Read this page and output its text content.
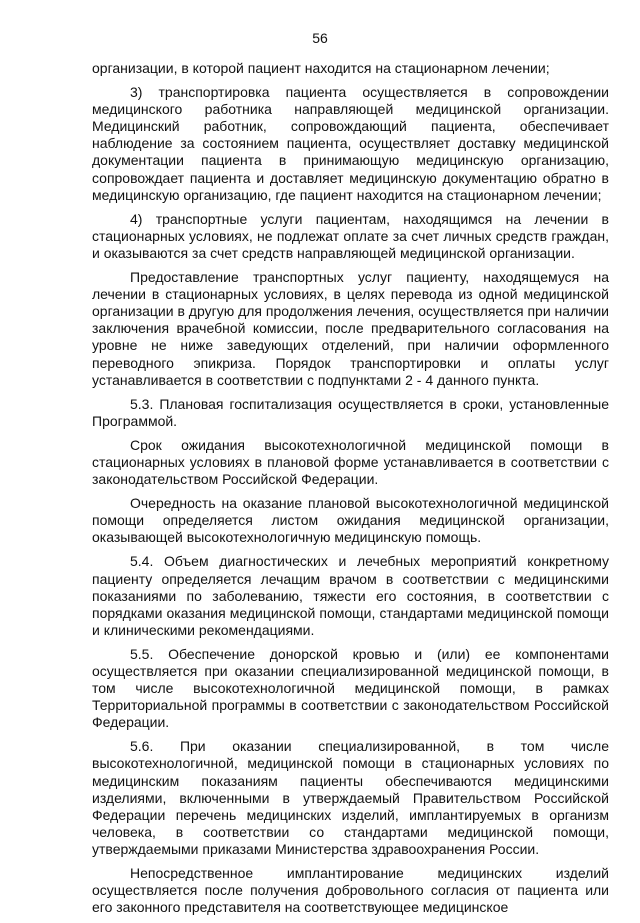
56

организации, в которой пациент находится на стационарном лечении;

3) транспортировка пациента осуществляется в сопровождении медицинского работника направляющей медицинской организации. Медицинский работник, сопровождающий пациента, обеспечивает наблюдение за состоянием пациента, осуществляет доставку медицинской документации пациента в принимающую медицинскую организацию, сопровождает пациента и доставляет медицинскую документацию обратно в медицинскую организацию, где пациент находится на стационарном лечении;

4) транспортные услуги пациентам, находящимся на лечении в стационарных условиях, не подлежат оплате за счет личных средств граждан, и оказываются за счет средств направляющей медицинской организации.

Предоставление транспортных услуг пациенту, находящемуся на лечении в стационарных условиях, в целях перевода из одной медицинской организации в другую для продолжения лечения, осуществляется при наличии заключения врачебной комиссии, после предварительного согласования на уровне не ниже заведующих отделений, при наличии оформленного переводного эпикриза. Порядок транспортировки и оплаты услуг устанавливается в соответствии с подпунктами 2 - 4 данного пункта.

5.3. Плановая госпитализация осуществляется в сроки, установленные Программой.

Срок ожидания высокотехнологичной медицинской помощи в стационарных условиях в плановой форме устанавливается в соответствии с законодательством Российской Федерации.

Очередность на оказание плановой высокотехнологичной медицинской помощи определяется листом ожидания медицинской организации, оказывающей высокотехнологичную медицинскую помощь.

5.4. Объем диагностических и лечебных мероприятий конкретному пациенту определяется лечащим врачом в соответствии с медицинскими показаниями по заболеванию, тяжести его состояния, в соответствии с порядками оказания медицинской помощи, стандартами медицинской помощи и клиническими рекомендациями.

5.5. Обеспечение донорской кровью и (или) ее компонентами осуществляется при оказании специализированной медицинской помощи, в том числе высокотехнологичной медицинской помощи, в рамках Территориальной программы в соответствии с законодательством Российской Федерации.

5.6. При оказании специализированной, в том числе высокотехнологичной, медицинской помощи в стационарных условиях по медицинским показаниям пациенты обеспечиваются медицинскими изделиями, включенными в утверждаемый Правительством Российской Федерации перечень медицинских изделий, имплантируемых в организм человека, в соответствии со стандартами медицинской помощи, утверждаемыми приказами Министерства здравоохранения России.

Непосредственное имплантирование медицинских изделий осуществляется после получения добровольного согласия от пациента или его законного представителя на соответствующее медицинское
